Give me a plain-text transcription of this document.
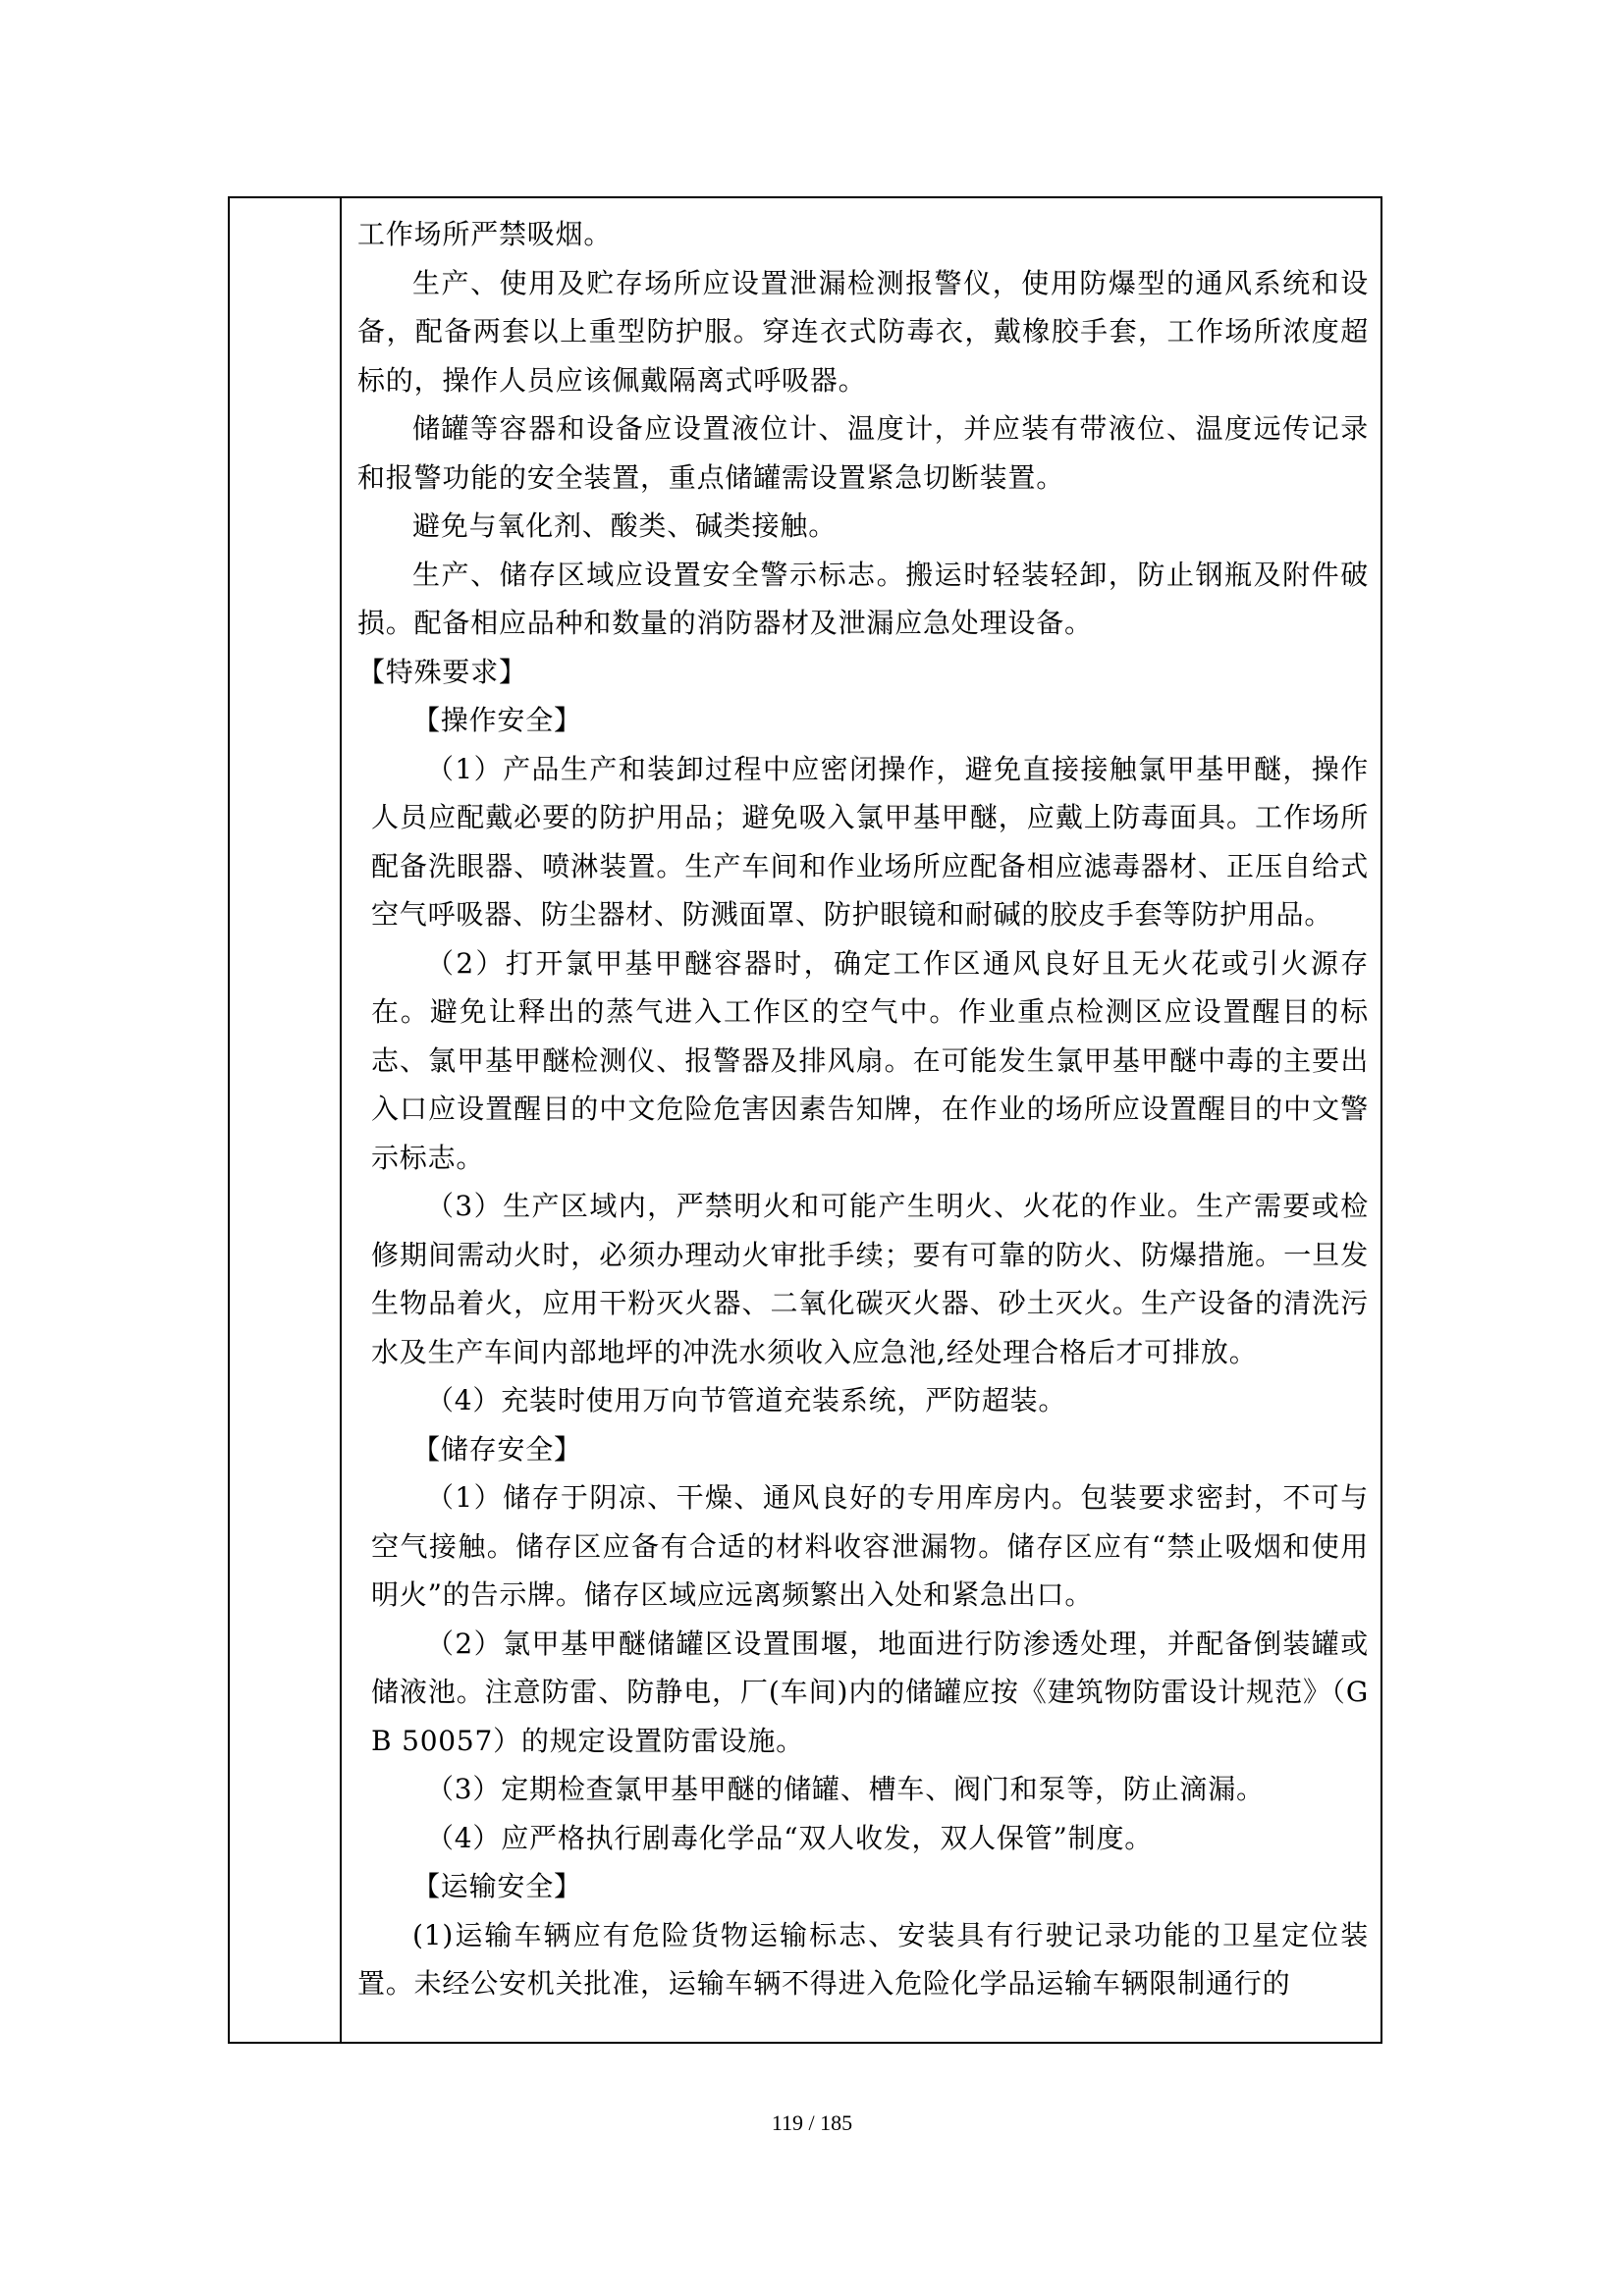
工作场所严禁吸烟。

生产、使用及贮存场所应设置泄漏检测报警仪，使用防爆型的通风系统和设备，配备两套以上重型防护服。穿连衣式防毒衣，戴橡胶手套，工作场所浓度超标的，操作人员应该佩戴隔离式呼吸器。

储罐等容器和设备应设置液位计、温度计，并应装有带液位、温度远传记录和报警功能的安全装置，重点储罐需设置紧急切断装置。

避免与氧化剂、酸类、碱类接触。

生产、储存区域应设置安全警示标志。搬运时轻装轻卸，防止钢瓶及附件破损。配备相应品种和数量的消防器材及泄漏应急处理设备。

【特殊要求】

【操作安全】

（1）产品生产和装卸过程中应密闭操作，避免直接接触氯甲基甲醚，操作人员应配戴必要的防护用品；避免吸入氯甲基甲醚，应戴上防毒面具。工作场所配备洗眼器、喷淋装置。生产车间和作业场所应配备相应滤毒器材、正压自给式空气呼吸器、防尘器材、防溅面罩、防护眼镜和耐碱的胶皮手套等防护用品。

（2）打开氯甲基甲醚容器时，确定工作区通风良好且无火花或引火源存在。避免让释出的蒸气进入工作区的空气中。作业重点检测区应设置醒目的标志、氯甲基甲醚检测仪、报警器及排风扇。在可能发生氯甲基甲醚中毒的主要出入口应设置醒目的中文危险危害因素告知牌，在作业的场所应设置醒目的中文警示标志。

（3）生产区域内，严禁明火和可能产生明火、火花的作业。生产需要或检修期间需动火时，必须办理动火审批手续；要有可靠的防火、防爆措施。一旦发生物品着火，应用干粉灭火器、二氧化碳灭火器、砂土灭火。生产设备的清洗污水及生产车间内部地坪的冲洗水须收入应急池,经处理合格后才可排放。

（4）充装时使用万向节管道充装系统，严防超装。

【储存安全】

（1）储存于阴凉、干燥、通风良好的专用库房内。包装要求密封，不可与空气接触。储存区应备有合适的材料收容泄漏物。储存区应有“禁止吸烟和使用明火”的告示牌。储存区域应远离频繁出入处和紧急出口。

（2）氯甲基甲醚储罐区设置围堰，地面进行防渗透处理，并配备倒装罐或储液池。注意防雷、防静电，厂(车间)内的储罐应按《建筑物防雷设计规范》（GB 50057）的规定设置防雷设施。

（3）定期检查氯甲基甲醚的储罐、槽车、阀门和泵等，防止滴漏。

（4）应严格执行剧毒化学品“双人收发，双人保管”制度。

【运输安全】

(1)运输车辆应有危险货物运输标志、安装具有行驶记录功能的卫星定位装置。未经公安机关批准，运输车辆不得进入危险化学品运输车辆限制通行的

119 / 185
